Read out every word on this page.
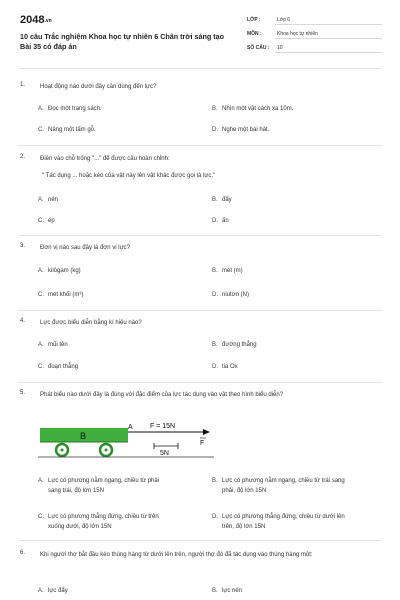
2048.vn
10 câu Trắc nghiệm Khoa học tự nhiên 6 Chân trời sáng tạo Bài 35 có đáp án
LỚP :	Lớp 6
MÔN :	Khoa học tự nhiên
SỐ CÂU : 10
1. Hoạt động nào dưới đây cần dùng đến lực?
A. Đọc một trang sách.	B. Nhìn một vật cách xa 10m.
C. Nâng một tấm gỗ.	D. Nghe một bài hát.
2. Điền vào chỗ trống "..." để được câu hoàn chỉnh:
" Tác dụng ... hoặc kéo của vật này lên vật khác được gọi là lực."
A. nén	B. đẩy
C. ép	D. ấn
3. Đơn vị nào sau đây là đơn vị lực?
A. kilôgam (kg)	B. mét (m)
C. mét khối (m³)	D. niutơn (N)
4. Lực được biểu diễn bằng kí hiệu nào?
A. mũi tên	B. đường thẳng
C. đoạn thẳng	D. tia Ox
5. Phát biểu nào dưới đây là đúng với đặc điểm của lực tác dụng vào vật theo hình biểu diễn?
B
A F = 15N
F
5N
A. Lực có phương nằm ngang, chiều từ phải sang trái, độ lớn 15N
B. Lực có phương nằm ngang, chiều từ trái sang phải, độ lớn 15N
C. Lực có phương thẳng đứng, chiều từ trên xuống dưới, độ lớn 15N
D. Lực có phương thẳng đứng, chiều từ dưới lên trên, độ lớn 15N
6. Khi người thợ bắt đầu kéo thùng hàng từ dưới lên trên, người thợ đó đã tác dụng vào thùng hàng một:
A. lực đẩy	B. lực nén
